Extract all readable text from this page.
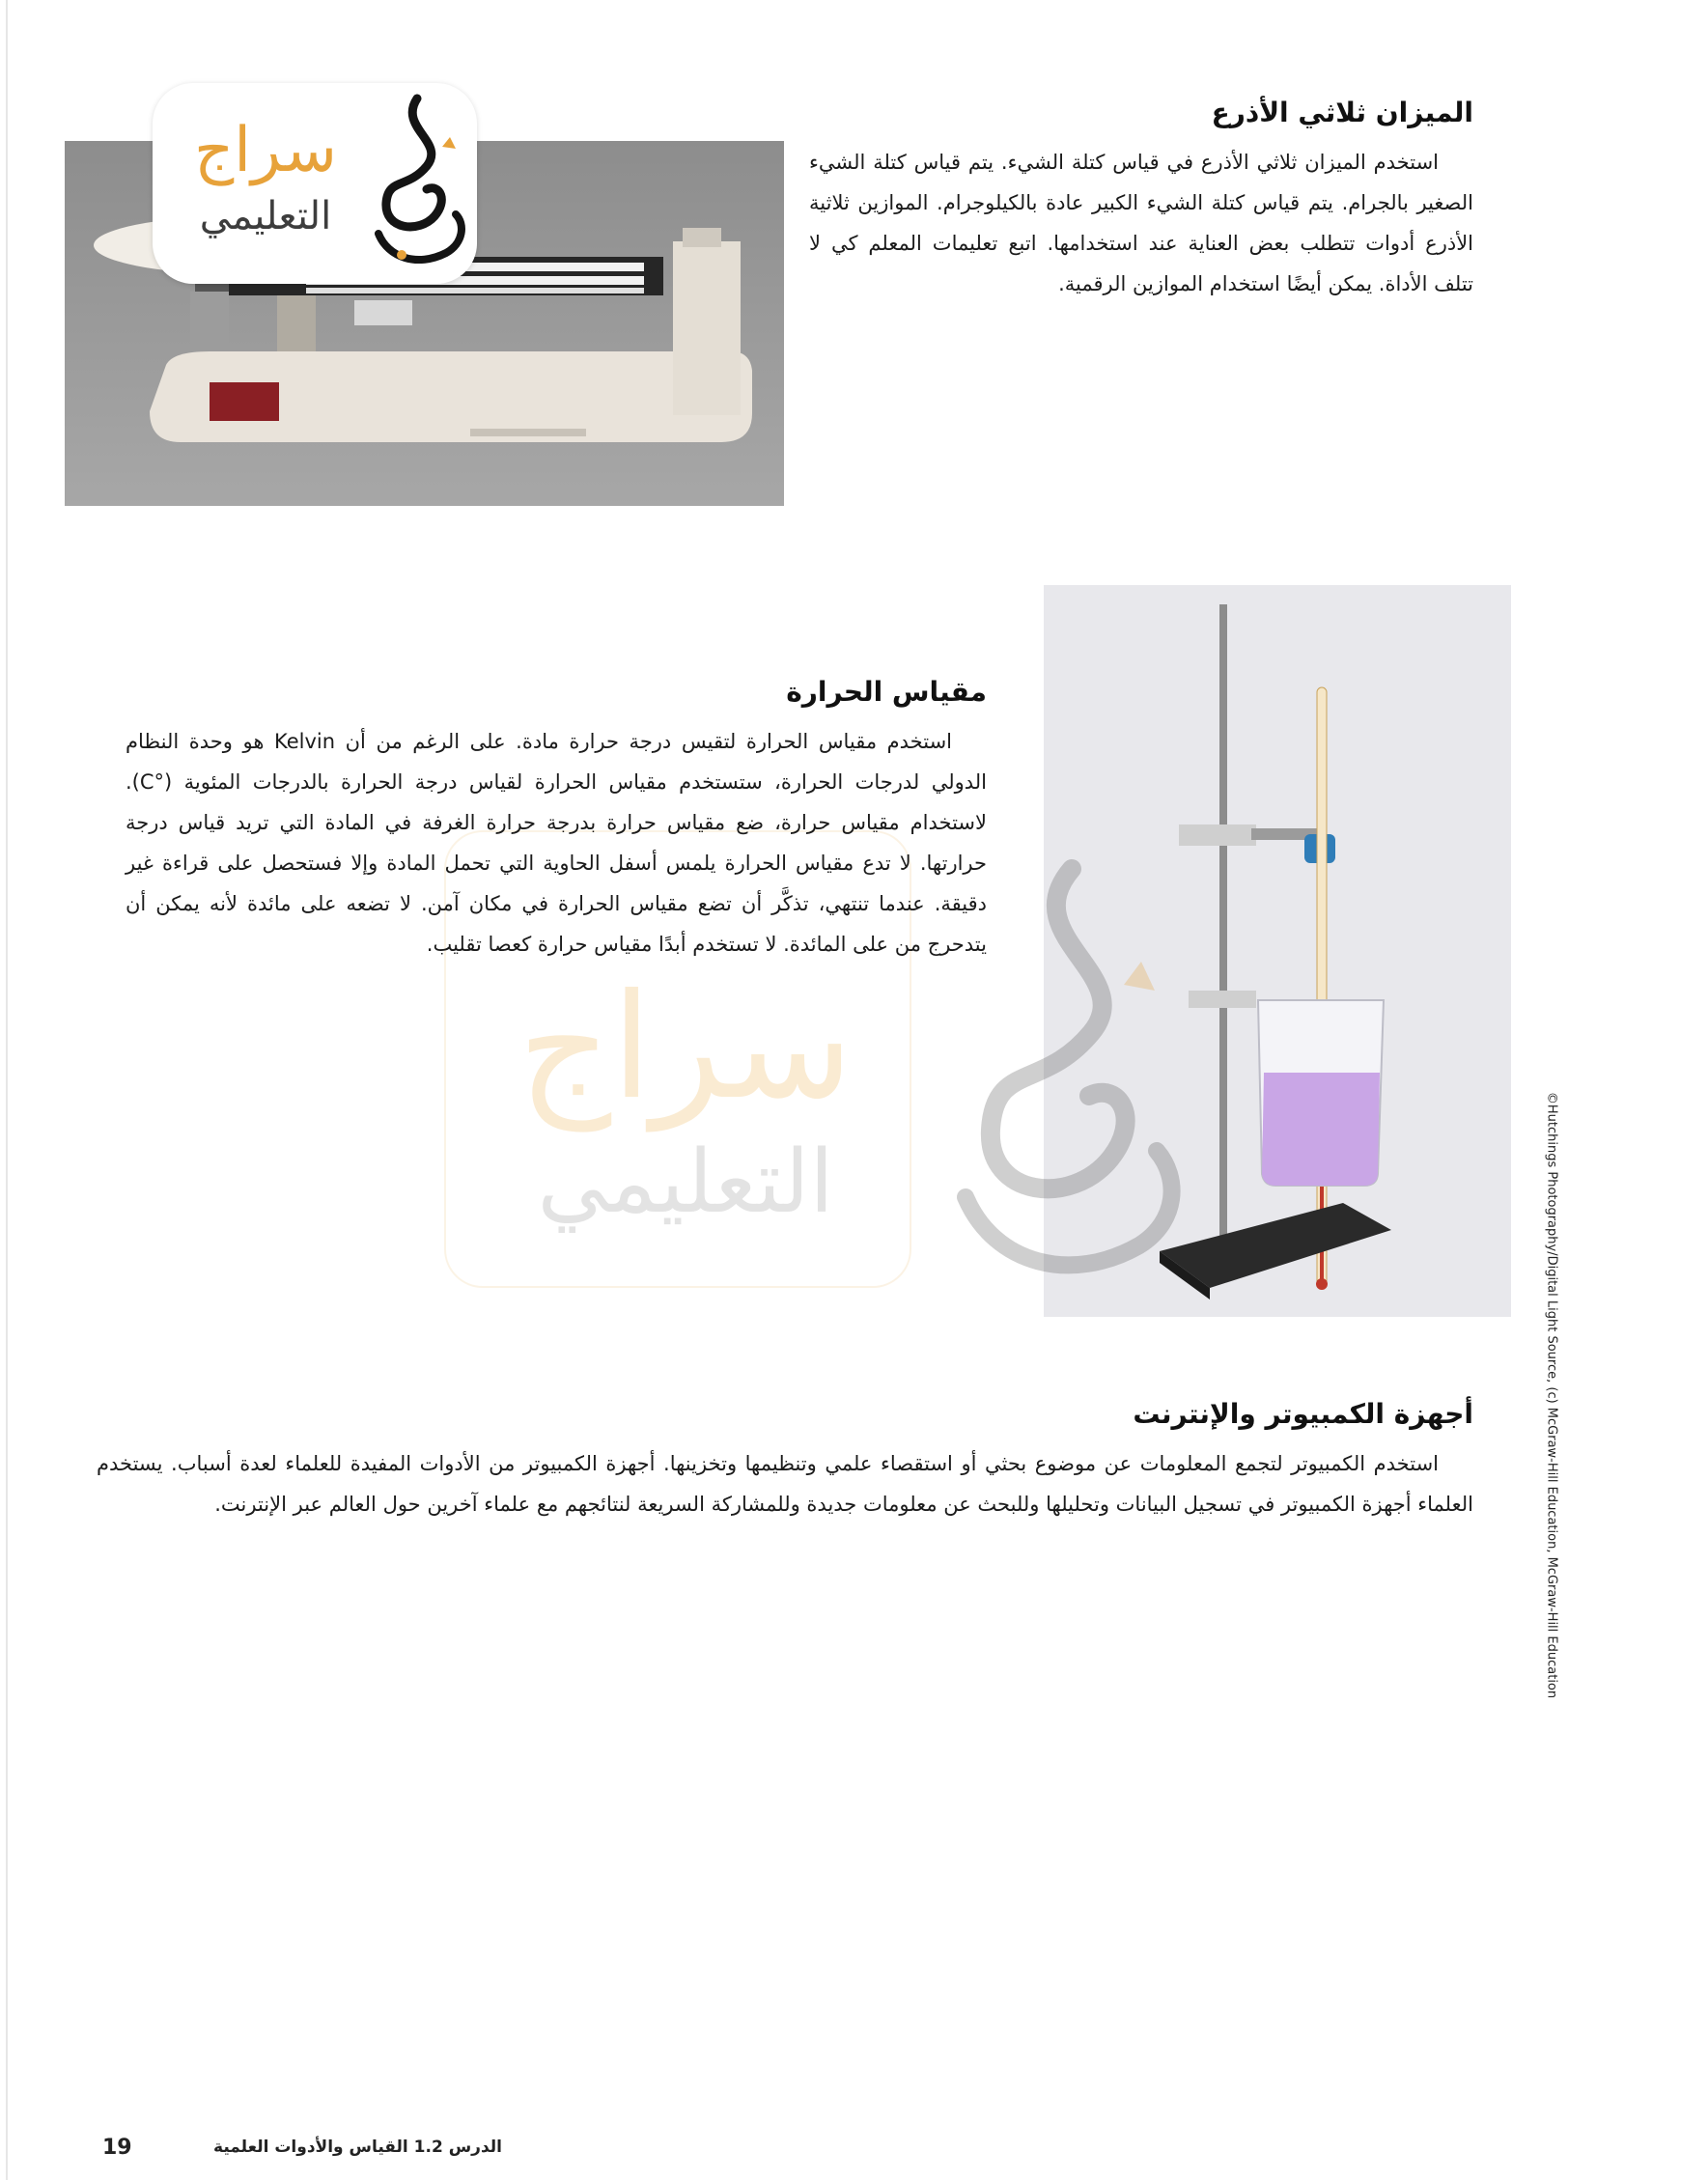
سراج
التعليمي
الميزان ثلاثي الأذرع

استخدم الميزان ثلاثي الأذرع في قياس كتلة الشيء. يتم قياس كتلة الشيء الصغير بالجرام. يتم قياس كتلة الشيء الكبير عادة بالكيلوجرام. الموازين ثلاثية الأذرع أدوات تتطلب بعض العناية عند استخدامها. اتبع تعليمات المعلم كي لا تتلف الأداة. يمكن أيضًا استخدام الموازين الرقمية.

سراج
التعليمي
مقياس الحرارة

استخدم مقياس الحرارة لتقيس درجة حرارة مادة. على الرغم من أن Kelvin هو وحدة النظام الدولي لدرجات الحرارة، ستستخدم مقياس الحرارة لقياس درجة الحرارة بالدرجات المئوية (°C). لاستخدام مقياس حرارة، ضع مقياس حرارة بدرجة حرارة الغرفة في المادة التي تريد قياس درجة حرارتها. لا تدع مقياس الحرارة يلمس أسفل الحاوية التي تحمل المادة وإلا فستحصل على قراءة غير دقيقة. عندما تنتهي، تذكَّر أن تضع مقياس الحرارة في مكان آمن. لا تضعه على مائدة لأنه يمكن أن يتدحرج من على المائدة. لا تستخدم أبدًا مقياس حرارة كعصا تقليب.

أجهزة الكمبيوتر والإنترنت

استخدم الكمبيوتر لتجمع المعلومات عن موضوع بحثي أو استقصاء علمي وتنظيمها وتخزينها. أجهزة الكمبيوتر من الأدوات المفيدة للعلماء لعدة أسباب. يستخدم العلماء أجهزة الكمبيوتر في تسجيل البيانات وتحليلها وللبحث عن معلومات جديدة وللمشاركة السريعة لنتائجهم مع علماء آخرين حول العالم عبر الإنترنت.	©Hutchings Photography/Digital Light Source, (c) McGraw-Hill Education, McGraw-Hill Education
19	الدرس 1.2 القياس والأدوات العلمية
